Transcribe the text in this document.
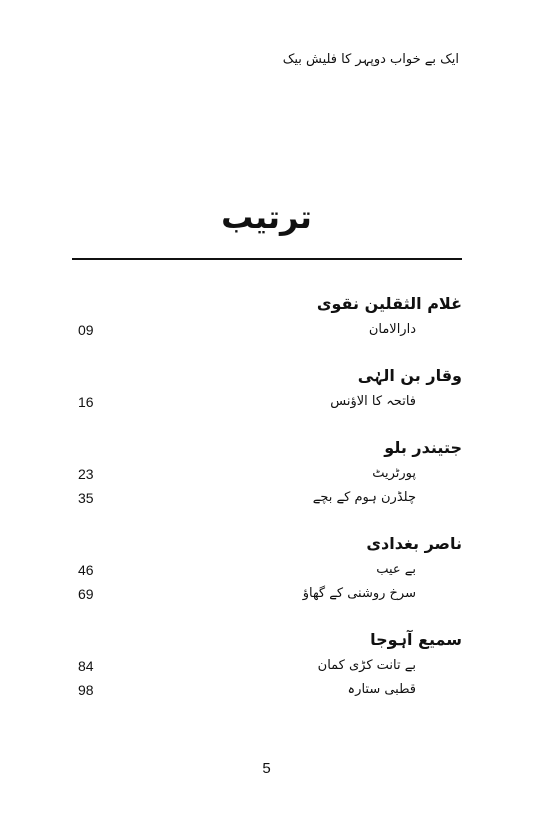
ایک بے خواب دوپہر کا فلیش بیک
ترتیب
غلام الثقلین نقوی
09	دارالامان
وقار بن الہٰی
16	فاتحہ کا الاؤنس
جتیندر بلو
23	پورٹریٹ
35	چلڈرن ہوم کے بچے
ناصر بغدادی
46	بے عیب
69	سرخ روشنی کے گھاؤ
سمیع آہوجا
84	بے تانت کڑی کمان
98	قطبی ستارہ
5
